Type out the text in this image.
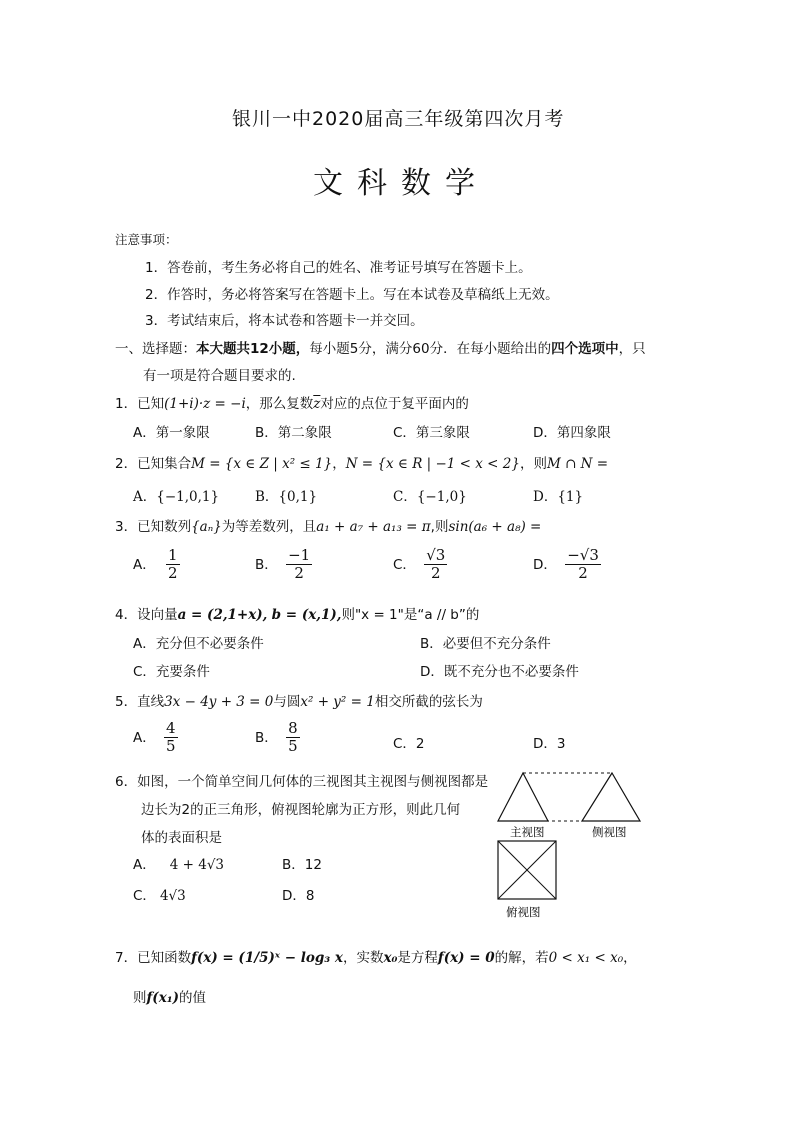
银川一中2020届高三年级第四次月考
文科数学
注意事项：
1．答卷前，考生务必将自己的姓名、准考证号填写在答题卡上。
2．作答时，务必将答案写在答题卡上。写在本试卷及草稿纸上无效。
3．考试结束后，将本试卷和答题卡一并交回。
一、选择题：本大题共12小题，每小题5分，满分60分．在每小题给出的四个选项中，只
有一项是符合题目要求的.
1．已知(1+i)·z = −i，那么复数$\overline{z}$对应的点位于复平面内的
A．第一象限	B．第二象限	C．第三象限	D．第四象限
2．已知集合M = {x ∈ Z | x² ≤ 1}，N = {x ∈ R | −1 < x < 2}，则M ∩ N =
A．{−1,0,1}	B．{0,1}	C．{−1,0}	D．{1}
3．已知数列{aₙ}为等差数列，且a₁ + a₇ + a₁₃ = π,则sin(a₆ + a₈) =
A． $\frac{1}{2}$	B． $\frac{-1}{2}$	C． $\frac{√3}{2}$	D． $\frac{-√3}{2}$
4．设向量a = (2,1+x), b = (x,1),则"x = 1"是“a // b”的
A．充分但不必要条件	B．必要但不充分条件
C．充要条件	D．既不充分也不必要条件
5．直线3x − 4y + 3 = 0与圆x² + y² = 1相交所截的弦长为
A． $\frac{4}{5}$	B． $\frac{8}{5}$	C．2	D．3
6．如图，一个简单空间几何体的三视图其主视图与侧视图都是
边长为2的正三角形，俯视图轮廓为正方形，则此几何
体的表面积是
A． 4 + 4√3	B．12
C． 4√3	D．8
主视图	侧视图
俯视图
7．已知函数f(x) = (1/5)ˣ − log₃ x，实数x₀是方程f(x) = 0的解，若0 < x₁ < x₀，
则f(x₁)的值
